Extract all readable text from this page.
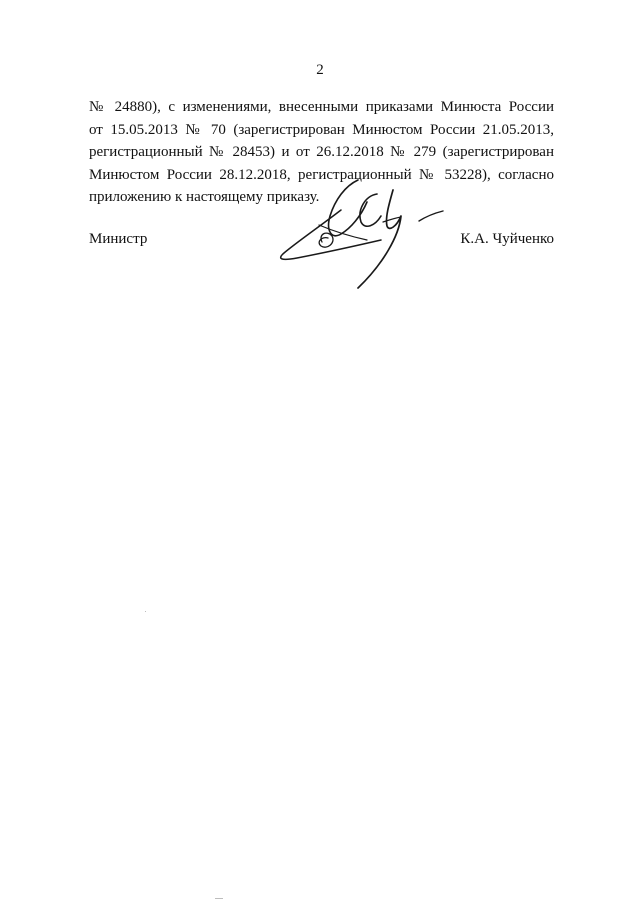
2
№ 24880), с изменениями, внесенными приказами Минюста России
от 15.05.2013 № 70 (зарегистрирован Минюстом России 21.05.2013,
регистрационный № 28453) и от 26.12.2018 № 279 (зарегистрирован
Минюстом России 28.12.2018, регистрационный № 53228), согласно
приложению к настоящему приказу.
Министр	К.А. Чуйченко
